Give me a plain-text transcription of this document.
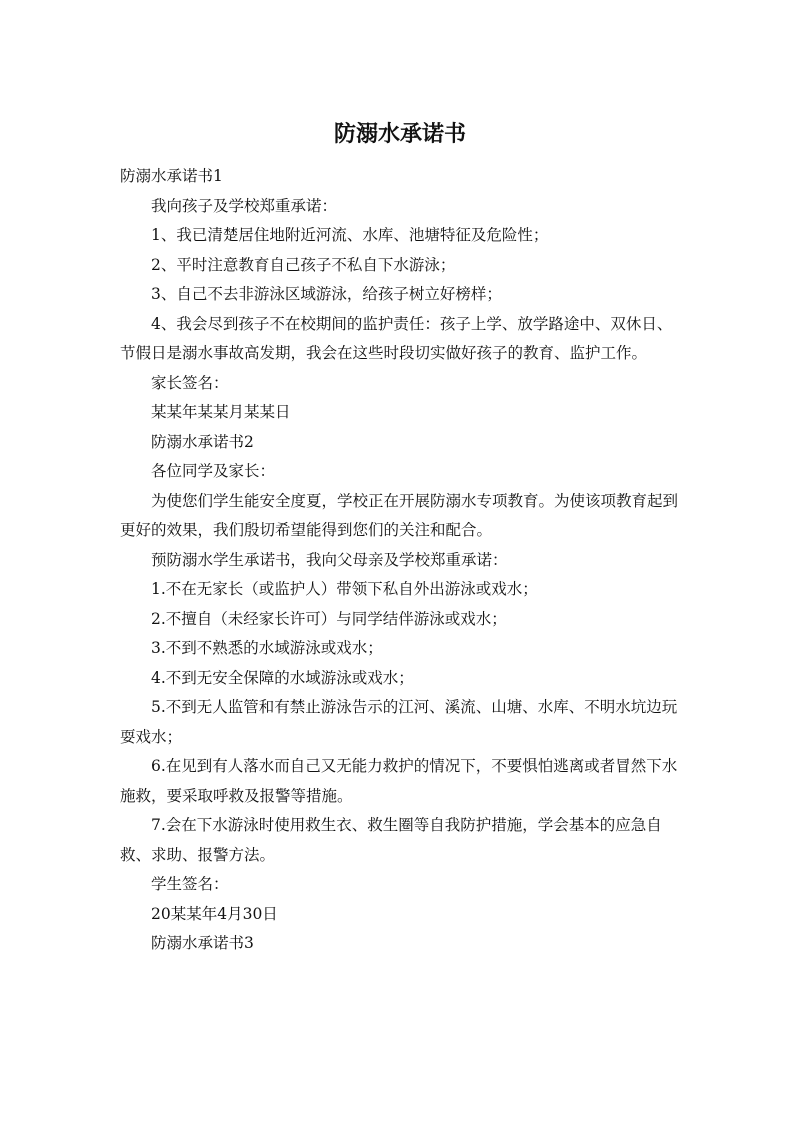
防溺水承诺书

防溺水承诺书1

我向孩子及学校郑重承诺：

1、我已清楚居住地附近河流、水库、池塘特征及危险性；

2、平时注意教育自己孩子不私自下水游泳；

3、自己不去非游泳区域游泳，给孩子树立好榜样；

4、我会尽到孩子不在校期间的监护责任：孩子上学、放学路途中、双休日、节假日是溺水事故高发期，我会在这些时段切实做好孩子的教育、监护工作。

家长签名：

某某年某某月某某日

防溺水承诺书2

各位同学及家长：

为使您们学生能安全度夏，学校正在开展防溺水专项教育。为使该项教育起到更好的效果，我们殷切希望能得到您们的关注和配合。

预防溺水学生承诺书，我向父母亲及学校郑重承诺：

1.不在无家长（或监护人）带领下私自外出游泳或戏水；

2.不擅自（未经家长许可）与同学结伴游泳或戏水；

3.不到不熟悉的水域游泳或戏水；

4.不到无安全保障的水域游泳或戏水；

5.不到无人监管和有禁止游泳告示的江河、溪流、山塘、水库、不明水坑边玩耍戏水；

6.在见到有人落水而自己又无能力救护的情况下，不要惧怕逃离或者冒然下水施救，要采取呼救及报警等措施。

7.会在下水游泳时使用救生衣、救生圈等自我防护措施，学会基本的应急自救、求助、报警方法。

学生签名：

20某某年4月30日

防溺水承诺书3
